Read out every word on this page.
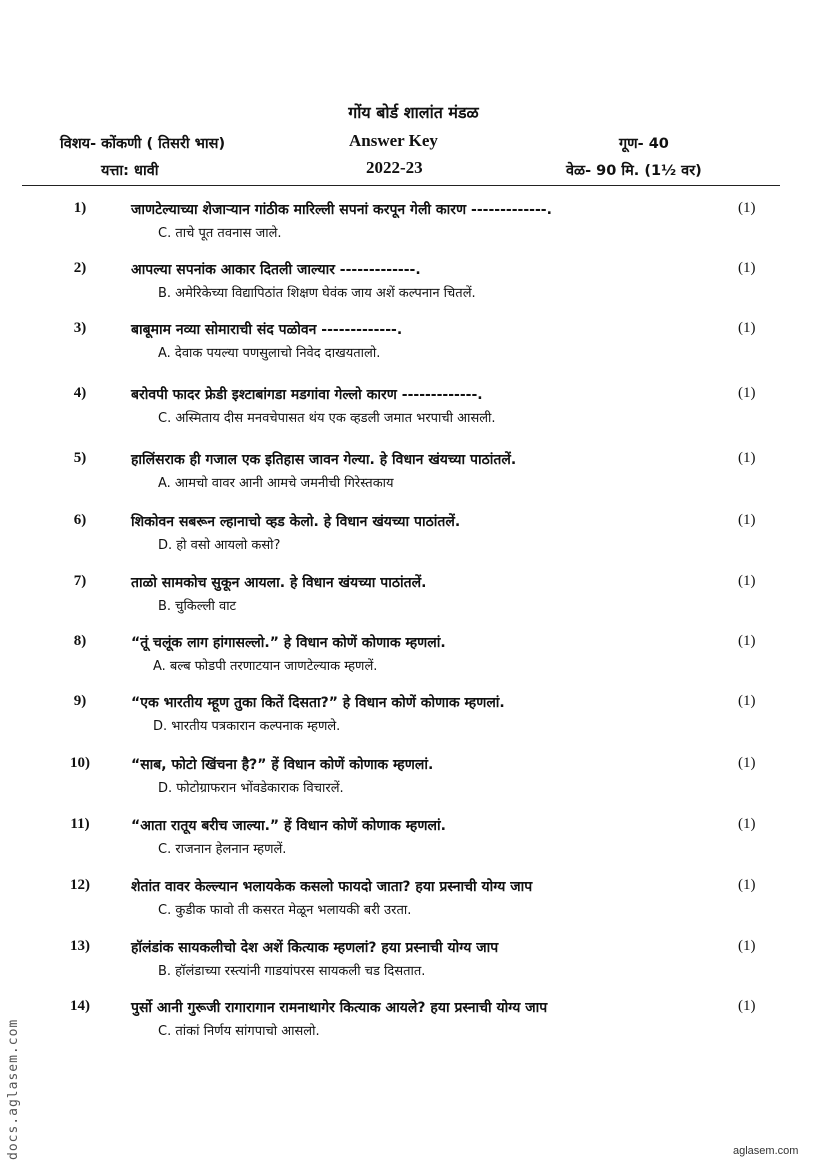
गोंय बोर्ड शालांत मंडळ
विशय- कोंकणी ( तिसरी भास)	Answer Key	गूण- 40
यत्ता: धावी	2022-23	वेळ- 90 मि. (1½ वर)
1)	जाणटेल्याच्या शेजाऱ्यान गांठीक मारिल्ली सपनां करपून गेली कारण -------------.	(1)
C. ताचे पूत तवनास जाले.
2)	आपल्या सपनांक आकार दितली जाल्यार -------------.	(1)
B. अमेरिकेच्या विद्यापिठांत शिक्षण घेवंक जाय अशें कल्पनान चितलें.
3)	बाबूमाम नव्या सोमाराची संद पळोवन -------------.	(1)
A. देवाक पयल्या पणसुलाचो निवेद दाखयतालो.
4)	बरोवपी फादर फ्रेडी इश्टाबांगडा मडगांवा गेल्लो कारण -------------.	(1)
C. अस्मिताय दीस मनवचेपासत थंय एक व्हडली जमात भरपाची आसली.
5)	हालिंसराक ही गजाल एक इतिहास जावन गेल्या. हे विधान खंयच्या पाठांतलें.	(1)
A. आमचो वावर आनी आमचे जमनीची गिरेस्तकाय
6)	शिकोवन सबरून ल्हानाचो व्हड केलो. हे विधान खंयच्या पाठांतलें.	(1)
D. हो वसो आयलो कसो?
7)	ताळो सामकोच सुकून आयला. हे विधान खंयच्या पाठांतलें.	(1)
B. चुकिल्ली वाट
8)	“तूं चलूंक लाग हांगासल्लो.” हे विधान कोणें कोणाक म्हणलां.	(1)
A. बल्ब फोडपी तरणाटयान जाणटेल्याक म्हणलें.
9)	“एक भारतीय म्हूण तुका कितें दिसता?” हे विधान कोणें कोणाक म्हणलां.	(1)
D. भारतीय पत्रकारान कल्पनाक म्हणले.
10)	“साब, फोटो खिंचना है?” हें विधान कोणें कोणाक म्हणलां.	(1)
D. फोटोग्राफरान भोंवडेकाराक विचारलें.
11)	“आता रातूय बरीच जाल्या.” हें विधान कोणें कोणाक म्हणलां.	(1)
C. राजनान हेलनान म्हणलें.
12)	शेतांत वावर केल्ल्यान भलायकेक कसलो फायदो जाता? हया प्रस्नाची योग्य जाप	(1)
C. कुडीक फावो ती कसरत मेळून भलायकी बरी उरता.
13)	हॉलंडांक सायकलीचो देश अशें कित्याक म्हणलां? हया प्रस्नाची योग्य जाप	(1)
B. हॉलंडाच्या रस्त्यांनी गाडयांपरस सायकली चड दिसतात.
14)	पुर्सो आनी गुरूजी रागारागान रामनाथागेर कित्याक आयले? हया प्रस्नाची योग्य जाप	(1)
C. तांकां निर्णय सांगपाचो आसलो.
docs.aglasem.com	aglasem.com
